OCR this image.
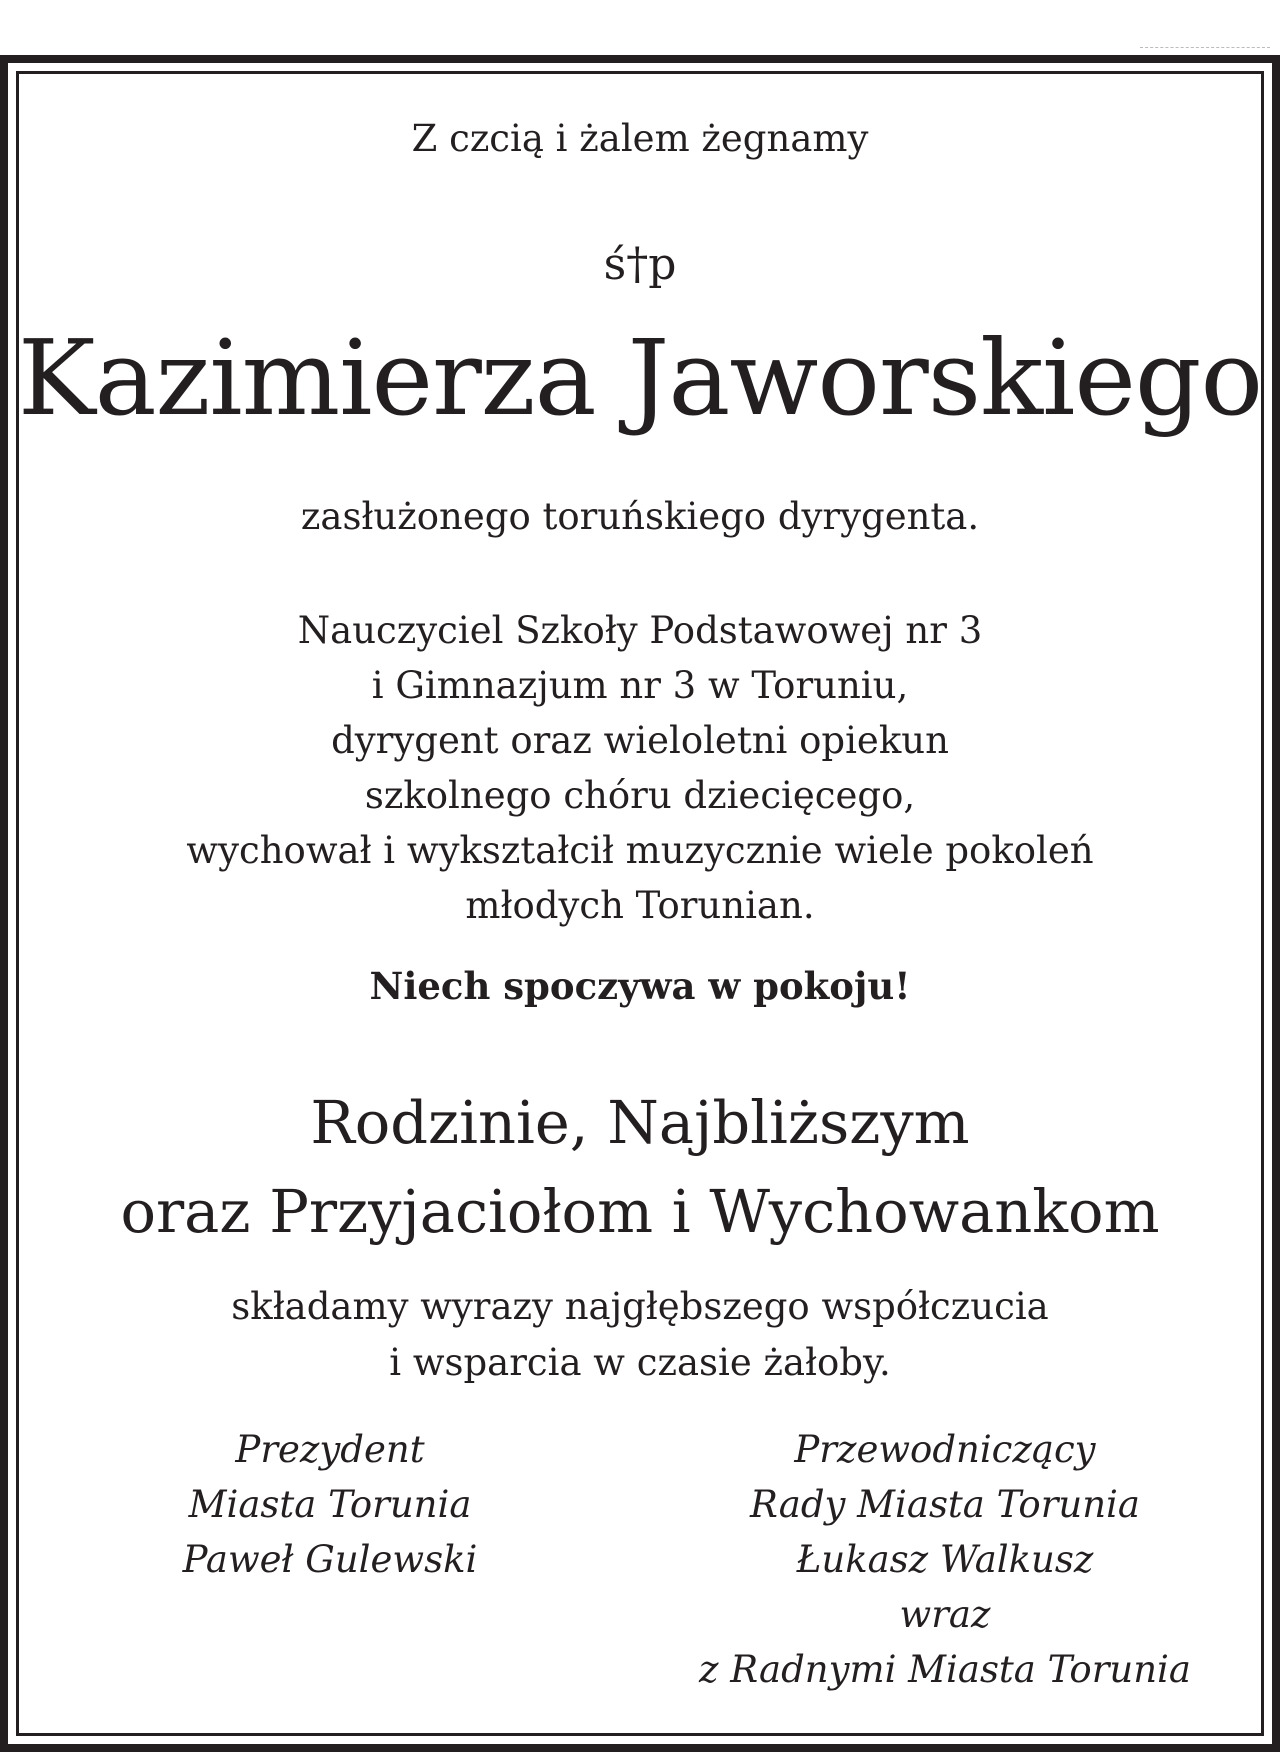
Z czcią i żalem żegnamy
ś†p
Kazimierza Jaworskiego
zasłużonego toruńskiego dyrygenta.
Nauczyciel Szkoły Podstawowej nr 3
i Gimnazjum nr 3 w Toruniu,
dyrygent oraz wieloletni opiekun
szkolnego chóru dziecięcego,
wychował i wykształcił muzycznie wiele pokoleń
młodych Torunian.
Niech spoczywa w pokoju!
Rodzinie, Najbliższym
oraz Przyjaciołom i Wychowankom
składamy wyrazy najgłębszego współczucia
i wsparcia w czasie żałoby.
Prezydent
Miasta Torunia
Paweł Gulewski
Przewodniczący
Rady Miasta Torunia
Łukasz Walkusz
wraz
z Radnymi Miasta Torunia
